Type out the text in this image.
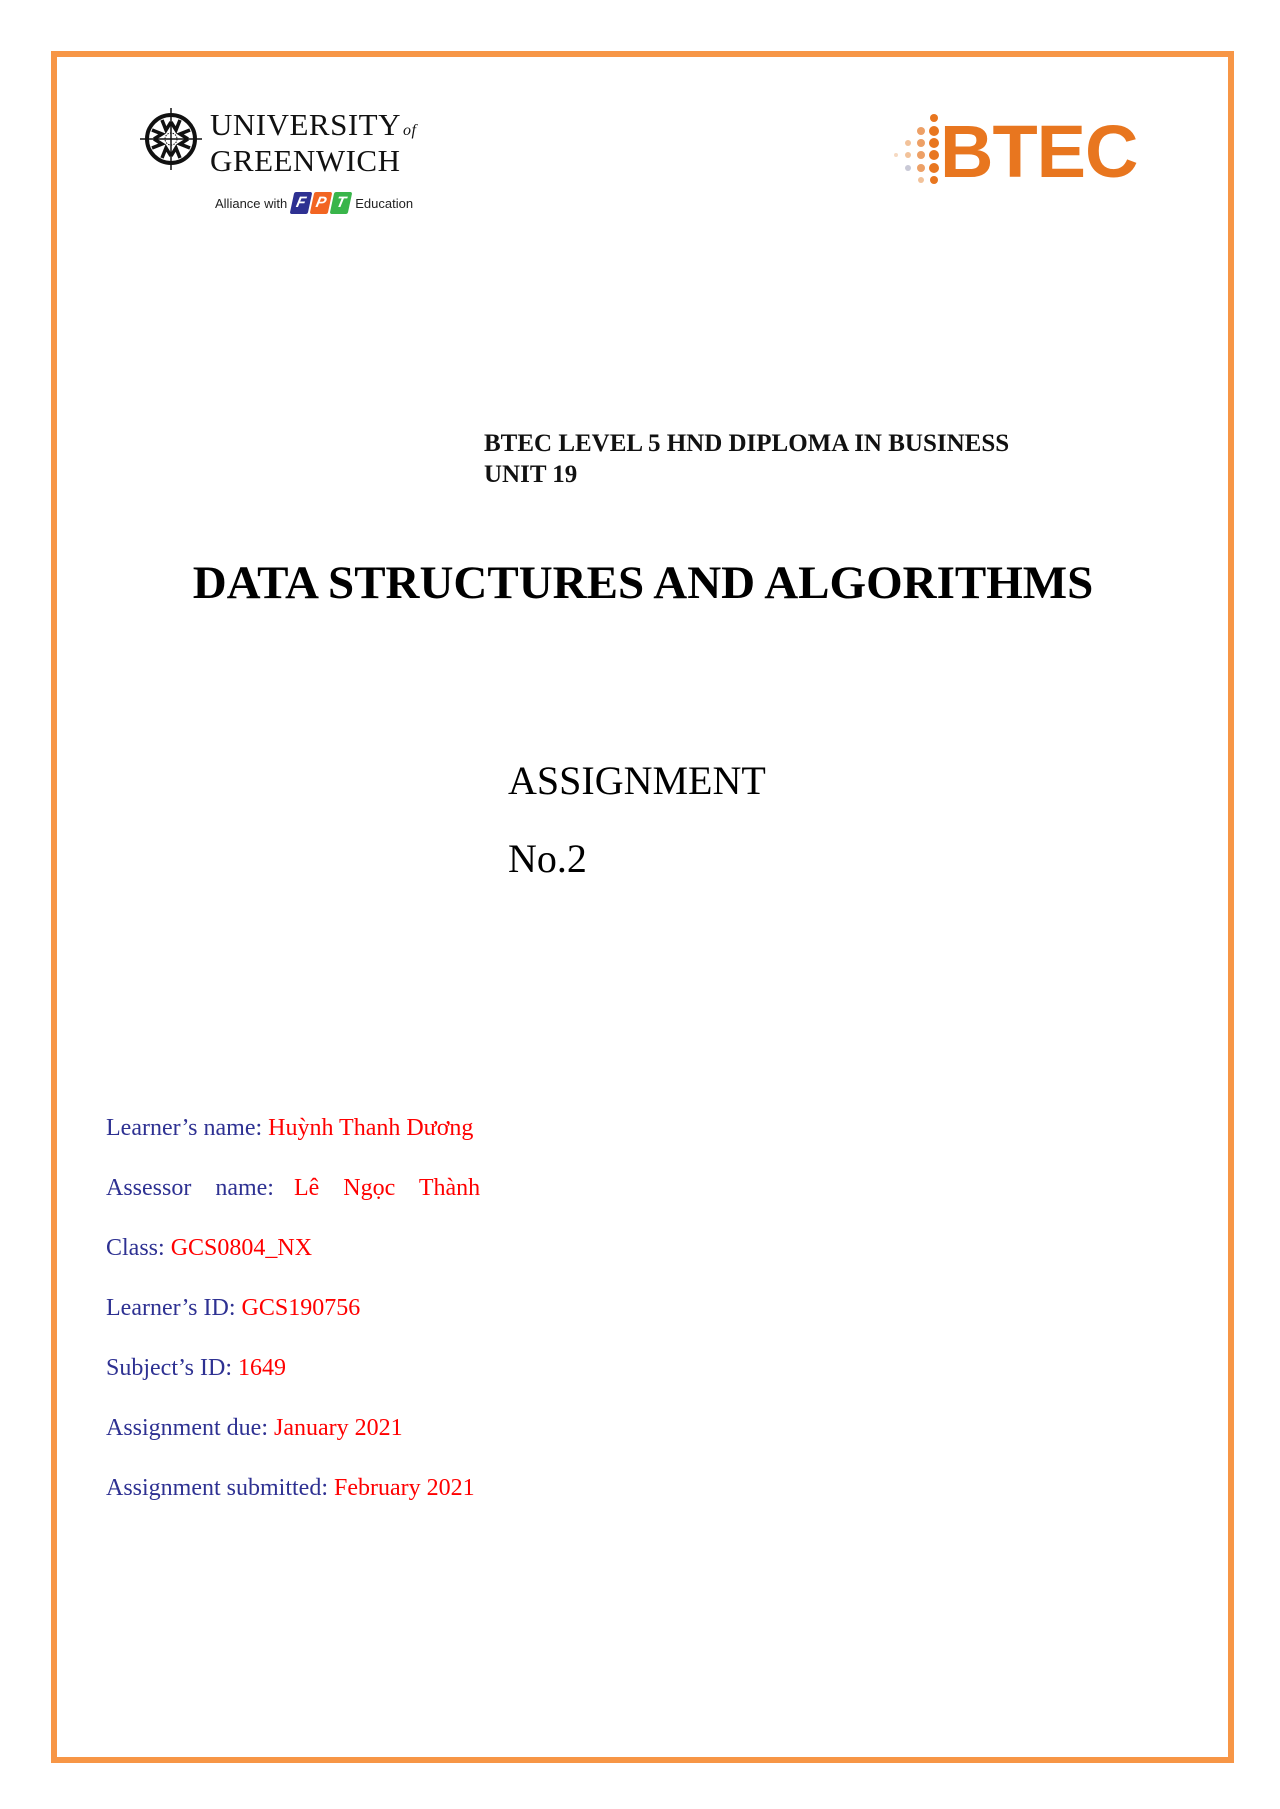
UNIVERSITY of
GREENWICH
Alliance with F P T Education
BTEC
BTEC LEVEL 5 HND DIPLOMA IN BUSINESS
UNIT 19
DATA STRUCTURES AND ALGORITHMS
ASSIGNMENT
No.2
Learner’s name: Huỳnh Thanh Dương
Assessor name: Lê Ngọc Thành
Class: GCS0804_NX
Learner’s ID: GCS190756
Subject’s ID: 1649
Assignment due: January 2021
Assignment submitted: February 2021
